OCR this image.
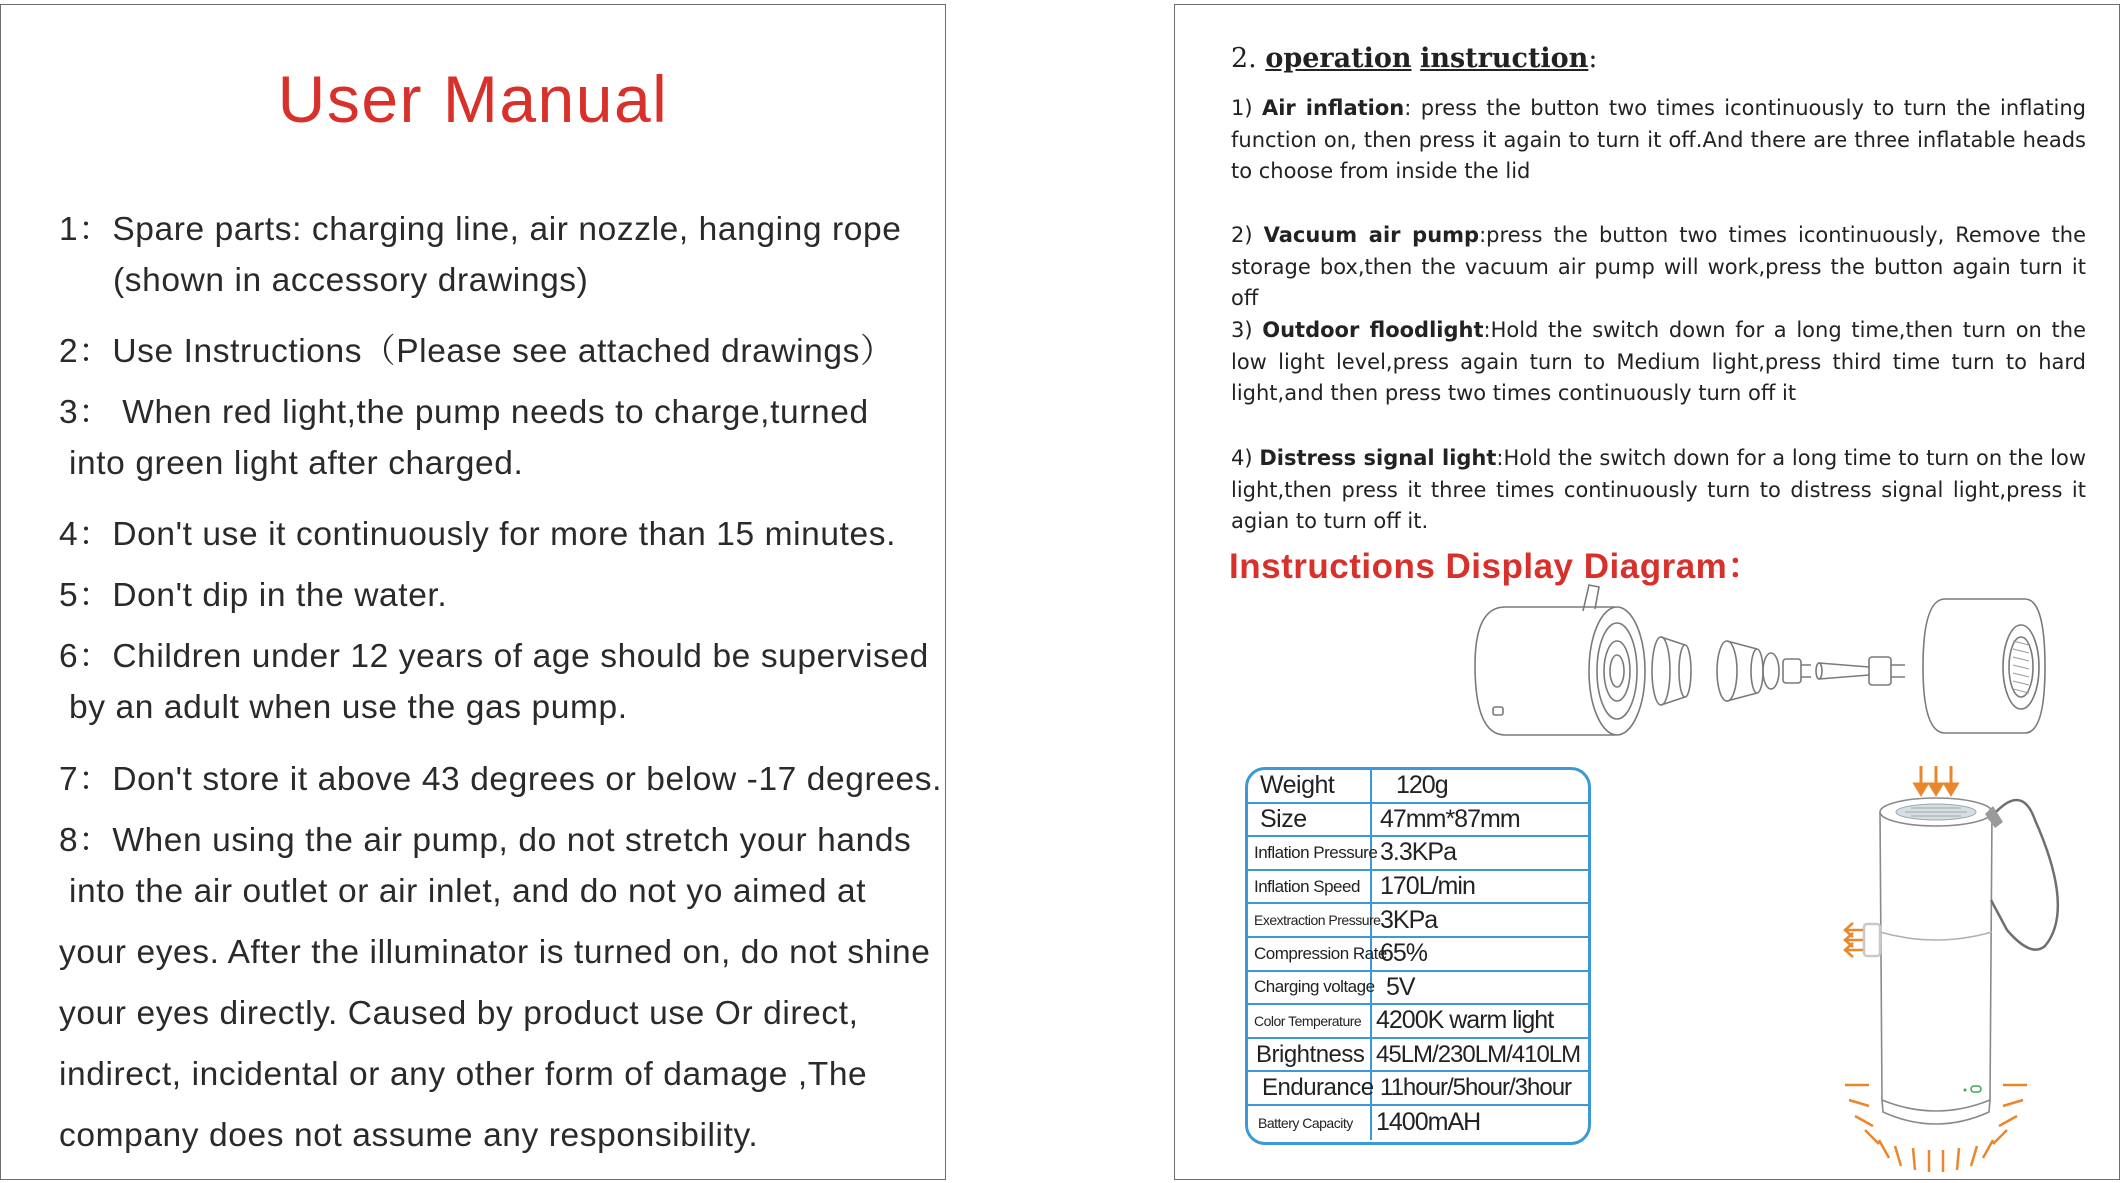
User Manual
1：Spare parts: charging line, air nozzle, hanging rope
(shown in accessory drawings)
2：Use Instructions（Please see attached drawings）
3： When red light,the pump needs to charge,turned
into green light after charged.
4：Don't use it continuously for more than 15 minutes.
5：Don't dip in the water.
6：Children under 12 years of age should be supervised
by an adult when use the gas pump.
7：Don't store it above 43 degrees or below -17 degrees.
8：When using the air pump, do not stretch your hands
into the air outlet or air inlet, and do not yo aimed at
your eyes. After the illuminator is turned on, do not shine
your eyes directly. Caused by product use Or direct,
indirect, incidental or any other form of damage ,The
company does not assume any responsibility.
2. operation instruction:
1) Air inflation: press the button two times icontinuously to turn the inflating function on, then press it again to turn it off.And there are three inflatable heads to choose from inside the lid
2) Vacuum air pump:press the button two times icontinuously, Remove the storage box,then the vacuum air pump will work,press the button again turn it off
3) Outdoor floodlight:Hold the switch down for a long time,then turn on the low light level,press again turn to Medium light,press third time turn to hard light,and then press two times continuously turn off it
4) Distress signal light:Hold the switch down for a long time to turn on the low light,then press it three times continuously turn to distress signal light,press it agian to turn off it.
Instructions Display Diagram：
Weight	120g
Size	47mm*87mm
Inflation Pressure 3.3KPa
Inflation Speed 170L/min
Exextraction Pressure 3KPa
Compression Rate
65%
Charging voltage 5V
Color Temperature 4200K warm light
Brightness 45LM/230LM/410LM
Endurance 11hour/5hour/3hour
Battery Capacity 1400mAH
